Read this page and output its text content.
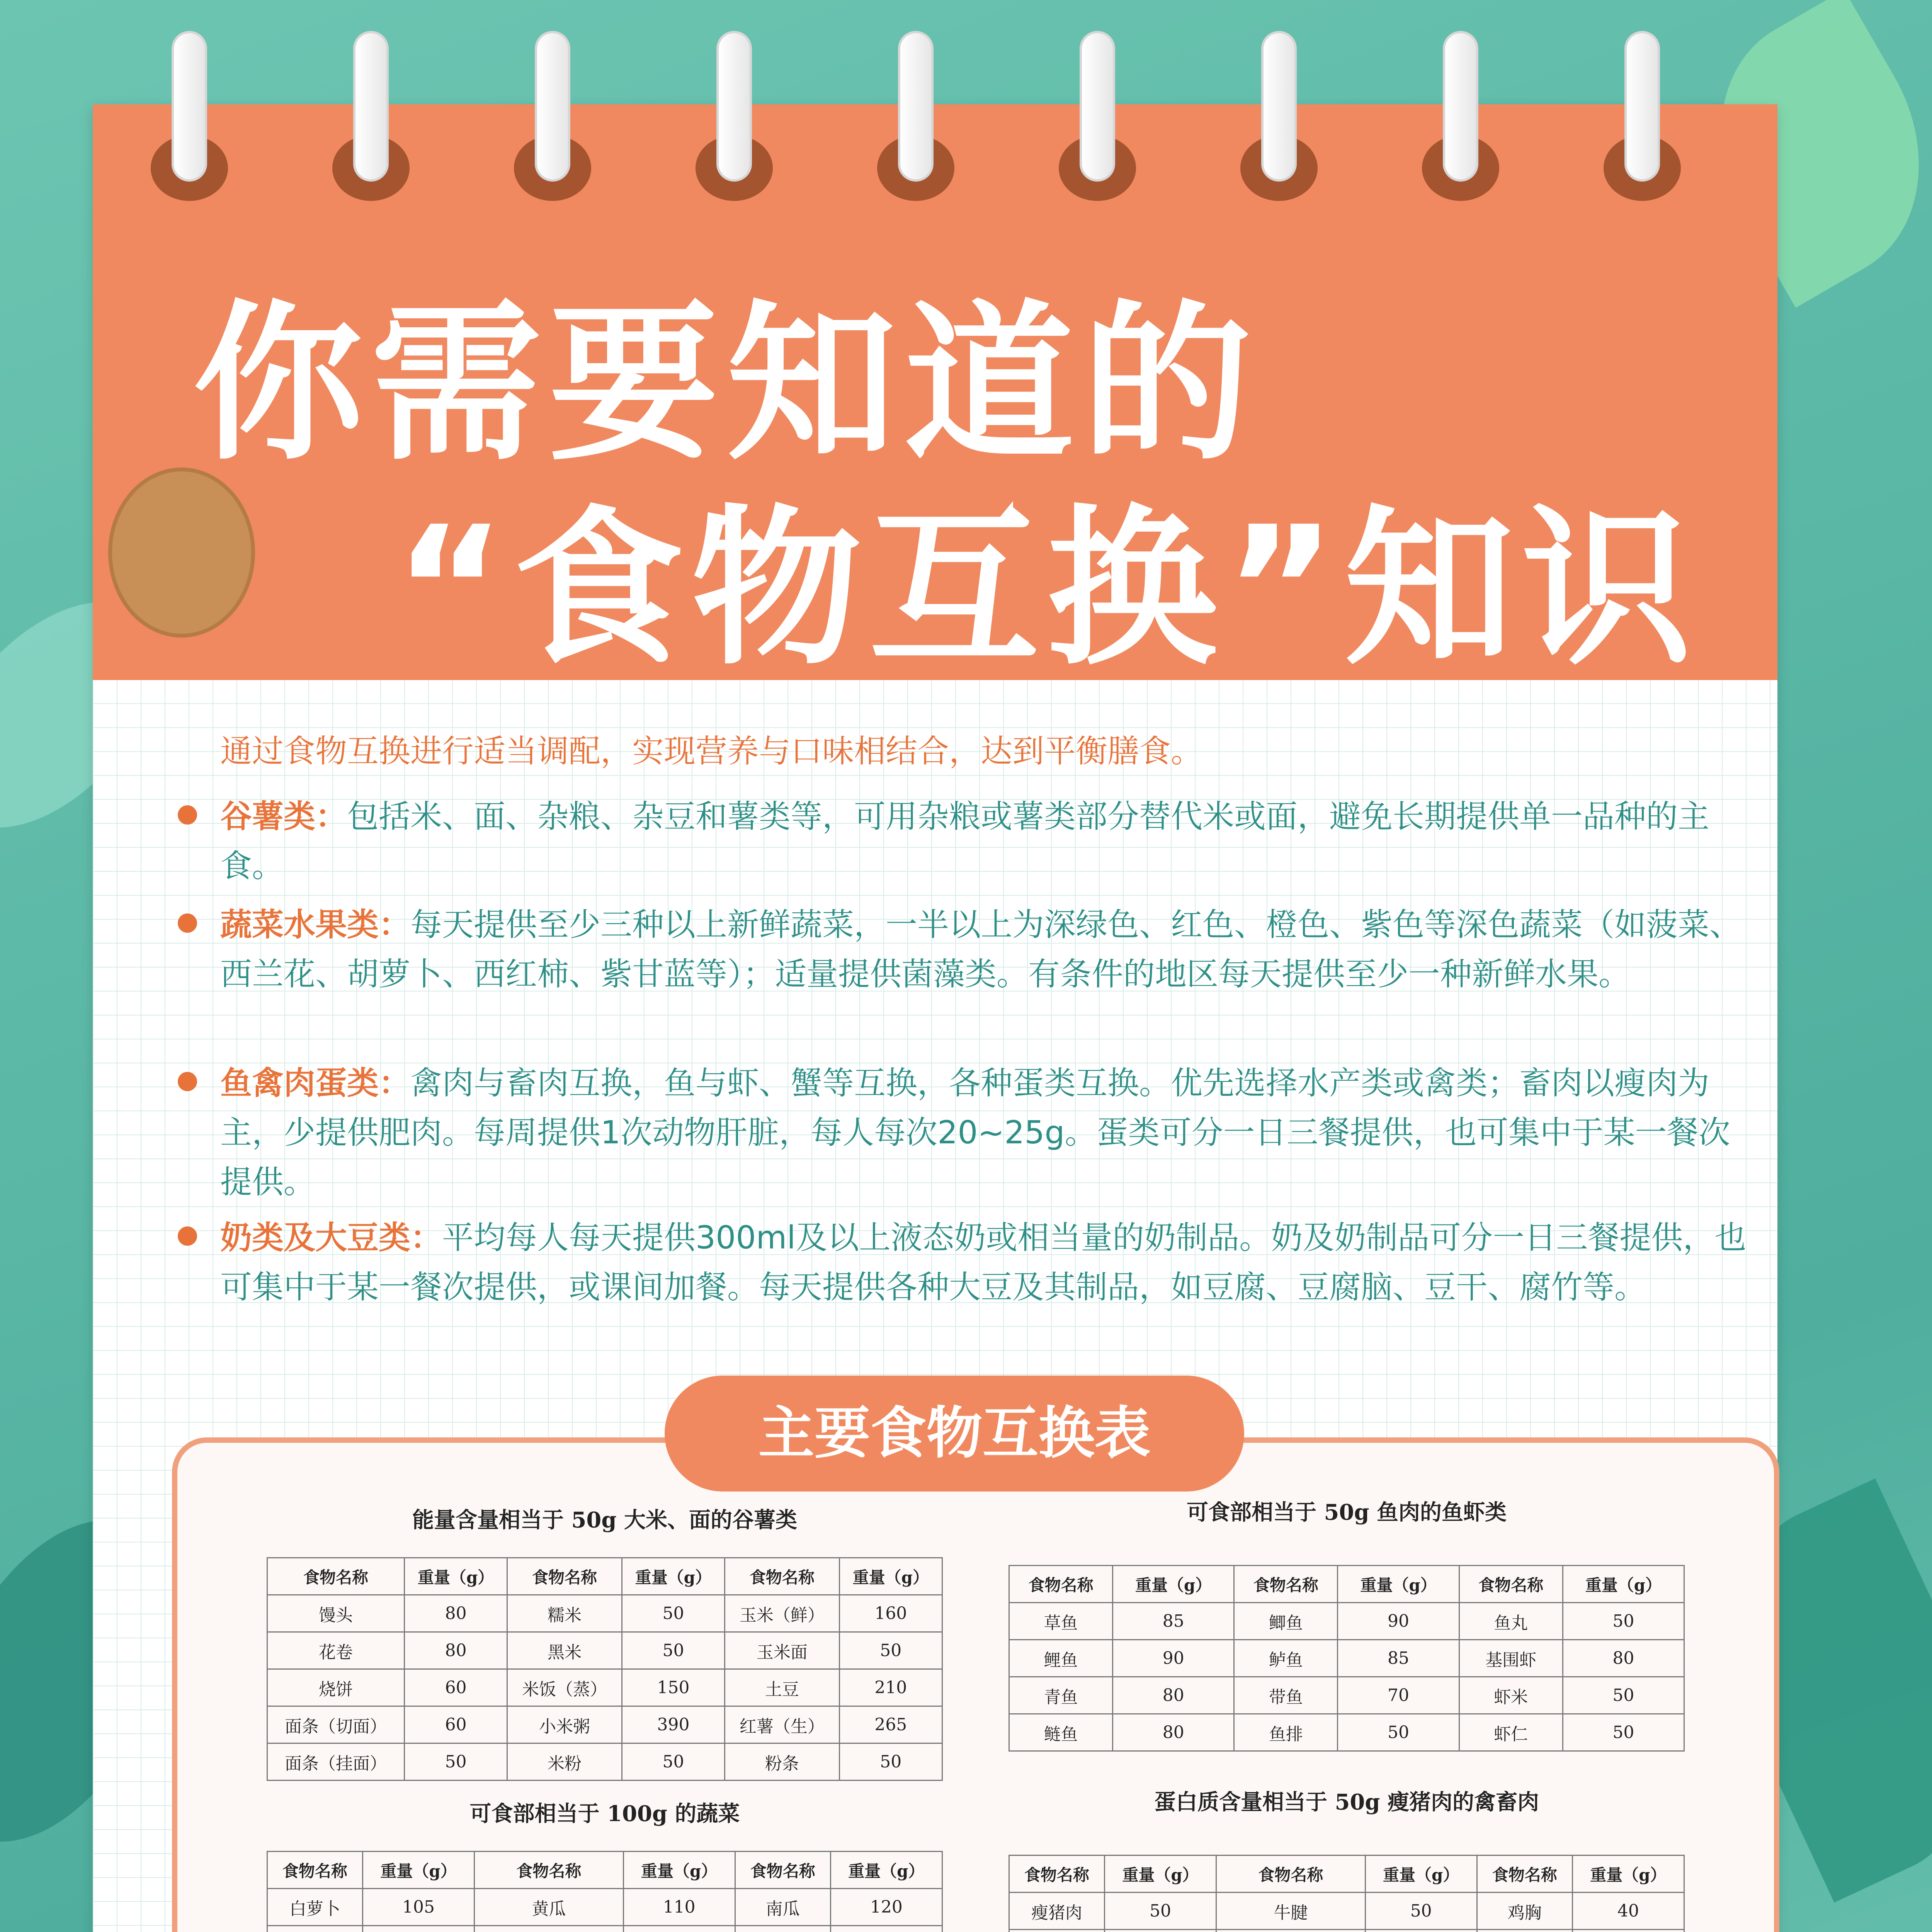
你需要知道的
“食物互换”知识
通过食物互换进行适当调配，实现营养与口味相结合，达到平衡膳食。
谷薯类：包括米、面、杂粮、杂豆和薯类等，可用杂粮或薯类部分替代米或面，避免长期提供单一品种的主食。
蔬菜水果类：每天提供至少三种以上新鲜蔬菜，一半以上为深绿色、红色、橙色、紫色等深色蔬菜（如菠菜、西兰花、胡萝卜、西红柿、紫甘蓝等）；适量提供菌藻类。有条件的地区每天提供至少一种新鲜水果。
鱼禽肉蛋类：禽肉与畜肉互换，鱼与虾、蟹等互换，各种蛋类互换。优先选择水产类或禽类；畜肉以瘦肉为主，少提供肥肉。每周提供1次动物肝脏，每人每次20~25g。蛋类可分一日三餐提供，也可集中于某一餐次提供。
奶类及大豆类：平均每人每天提供300ml及以上液态奶或相当量的奶制品。奶及奶制品可分一日三餐提供，也可集中于某一餐次提供，或课间加餐。每天提供各种大豆及其制品，如豆腐、豆腐脑、豆干、腐竹等。
主要食物互换表
能量含量相当于 50g 大米、面的谷薯类
食物名称	重量（g）	食物名称	重量（g）	食物名称	重量（g）
馒头	80	糯米	50	玉米（鲜）	160
花卷	80	黑米	50	玉米面	50
烧饼	60	米饭（蒸）	150	土豆	210
面条（切面）	60	小米粥	390	红薯（生）	265
面条（挂面）	50	米粉	50	粉条	50
可食部相当于 100g 的蔬菜
食物名称	重量（g）	食物名称	重量（g）	食物名称	重量（g）
白萝卜	105	黄瓜	110	南瓜	120

可食部相当于 50g 鱼肉的鱼虾类
食物名称	重量（g）	食物名称	重量（g）	食物名称	重量（g）
草鱼	85	鲫鱼	90	鱼丸	50
鲤鱼	90	鲈鱼	85	基围虾	80
青鱼	80	带鱼	70	虾米	50
鲢鱼	80	鱼排	50	虾仁	50
蛋白质含量相当于 50g 瘦猪肉的禽畜肉
食物名称	重量（g）	食物名称	重量（g）	食物名称	重量（g）
瘦猪肉	50	牛腱	50	鸡胸	40
